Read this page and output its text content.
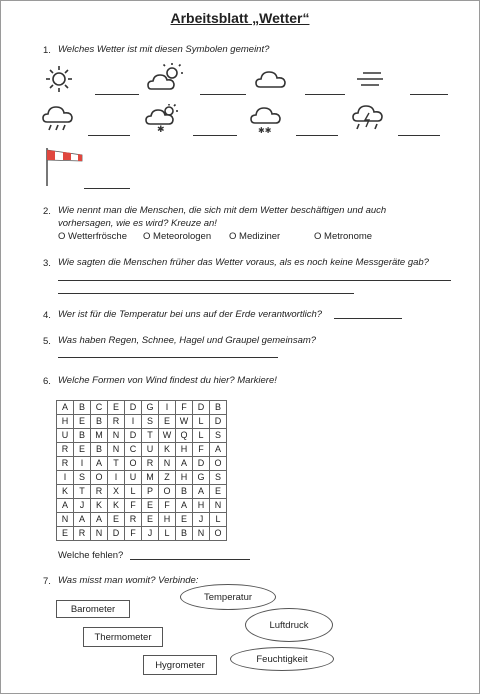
Arbeitsblatt „Wetter“
1. Welches Wetter ist mit diesen Symbolen gemeint?
✱	✱✱
2. Wie nennt man die Menschen, die sich mit dem Wetter beschäftigen und auch
vorhersagen, wie es wird? Kreuze an!
O Wetterfrösche O Meteorologen O Mediziner	O Metronome
3. Wie sagten die Menschen früher das Wetter voraus, als es noch keine Messgeräte gab?
4. Wer ist für die Temperatur bei uns auf der Erde verantwortlich?
5. Was haben Regen, Schnee, Hagel und Graupel gemeinsam?
6. Welche Formen von Wind findest du hier? Markiere!
A	B	C	E	D	G	I	F	D	B
H	E	B	R	I	S	E	W	L	D
U	B	M	N	D	T	W	Q	L	S
R	E	B	N	C	U	K	H	F	A
R	I	A	T	O	R	N	A	D	O
I	S	O	I	U	M	Z	H	G	S
K	T	R	X	L	P	O	B	A	E
A	J	K	K	F	E	F	A	H	N
N	A	A	E	R	E	H	E	J	L
E	R	N	D	F	J	L	B	N	O
Welche fehlen?
7. Was misst man womit? Verbinde:
Barometer
Thermometer
Hygrometer
Temperatur
Luftdruck
Feuchtigkeit
